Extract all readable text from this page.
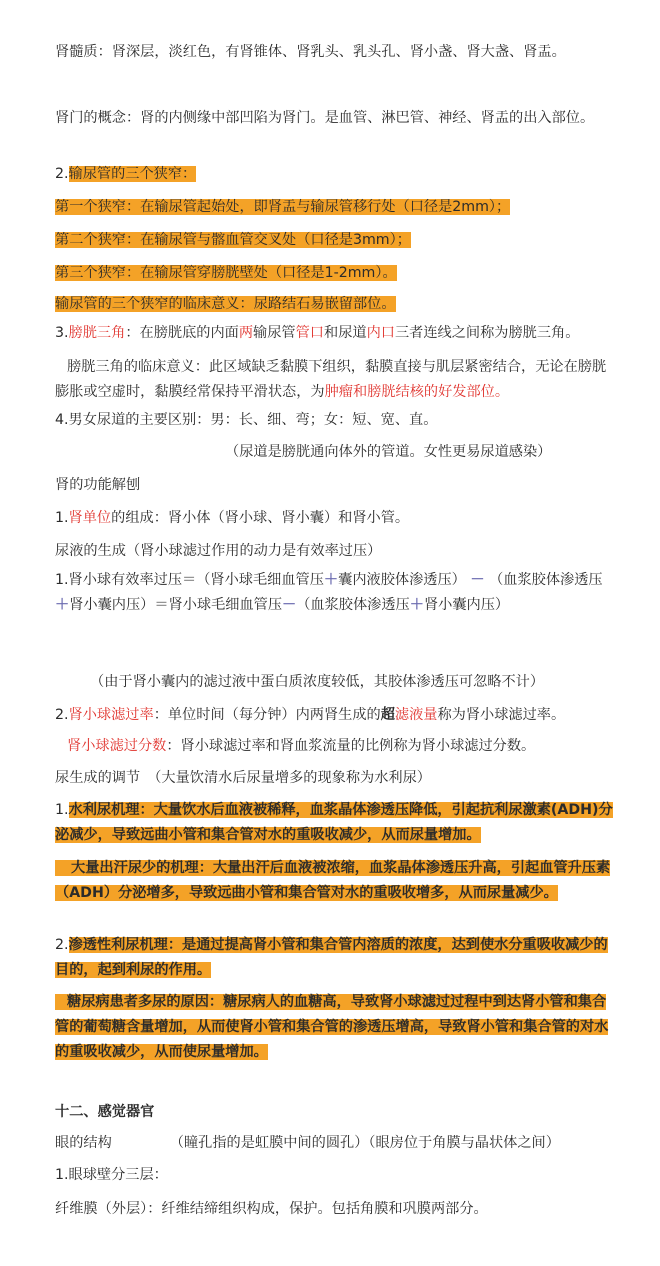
肾髓质：肾深层，淡红色，有肾锥体、肾乳头、乳头孔、肾小盏、肾大盏、肾盂。
肾门的概念：肾的内侧缘中部凹陷为肾门。是血管、淋巴管、神经、肾盂的出入部位。
2.输尿管的三个狭窄：
第一个狭窄：在输尿管起始处，即肾盂与输尿管移行处（口径是2mm）；
第二个狭窄：在输尿管与髂血管交叉处（口径是3mm）；
第三个狭窄：在输尿管穿膀胱壁处（口径是1-2mm）。
输尿管的三个狭窄的临床意义：尿路结石易嵌留部位。
3.膀胱三角：在膀胱底的内面两输尿管管口和尿道内口三者连线之间称为膀胱三角。
膀胱三角的临床意义：此区域缺乏黏膜下组织，黏膜直接与肌层紧密结合，无论在膀胱膨胀或空虚时，黏膜经常保持平滑状态，为肿瘤和膀胱结核的好发部位。
4.男女尿道的主要区别：男：长、细、弯；女：短、宽、直。
（尿道是膀胱通向体外的管道。女性更易尿道感染）
肾的功能解刨
1.肾单位的组成：肾小体（肾小球、肾小囊）和肾小管。
尿液的生成（肾小球滤过作用的动力是有效率过压）
1.肾小球有效率过压＝（肾小球毛细血管压＋囊内液胶体渗透压） － （血浆胶体渗透压＋肾小囊内压）＝肾小球毛细血管压－（血浆胶体渗透压＋肾小囊内压）
（由于肾小囊内的滤过液中蛋白质浓度较低，其胶体渗透压可忽略不计）
2.肾小球滤过率：单位时间（每分钟）内两肾生成的超滤液量称为肾小球滤过率。
肾小球滤过分数：肾小球滤过率和肾血浆流量的比例称为肾小球滤过分数。
尿生成的调节　（大量饮清水后尿量增多的现象称为水利尿）
1.水利尿机理：大量饮水后血液被稀释，血浆晶体渗透压降低，引起抗利尿激素(ADH)分泌减少，导致远曲小管和集合管对水的重吸收减少，从而尿量增加。
大量出汗尿少的机理：大量出汗后血液被浓缩，血浆晶体渗透压升高，引起血管升压素（ADH）分泌增多，导致远曲小管和集合管对水的重吸收增多，从而尿量减少。
2.渗透性利尿机理：是通过提高肾小管和集合管内溶质的浓度，达到使水分重吸收减少的目的，起到利尿的作用。
糖尿病患者多尿的原因：糖尿病人的血糖高，导致肾小球滤过过程中到达肾小管和集合管的葡萄糖含量增加，从而使肾小管和集合管的渗透压增高，导致肾小管和集合管的对水的重吸收减少，从而使尿量增加。
十二、感觉器官
眼的结构	（瞳孔指的是虹膜中间的圆孔）（眼房位于角膜与晶状体之间）
1.眼球壁分三层：
纤维膜（外层）：纤维结缔组织构成，保护。包括角膜和巩膜两部分。
